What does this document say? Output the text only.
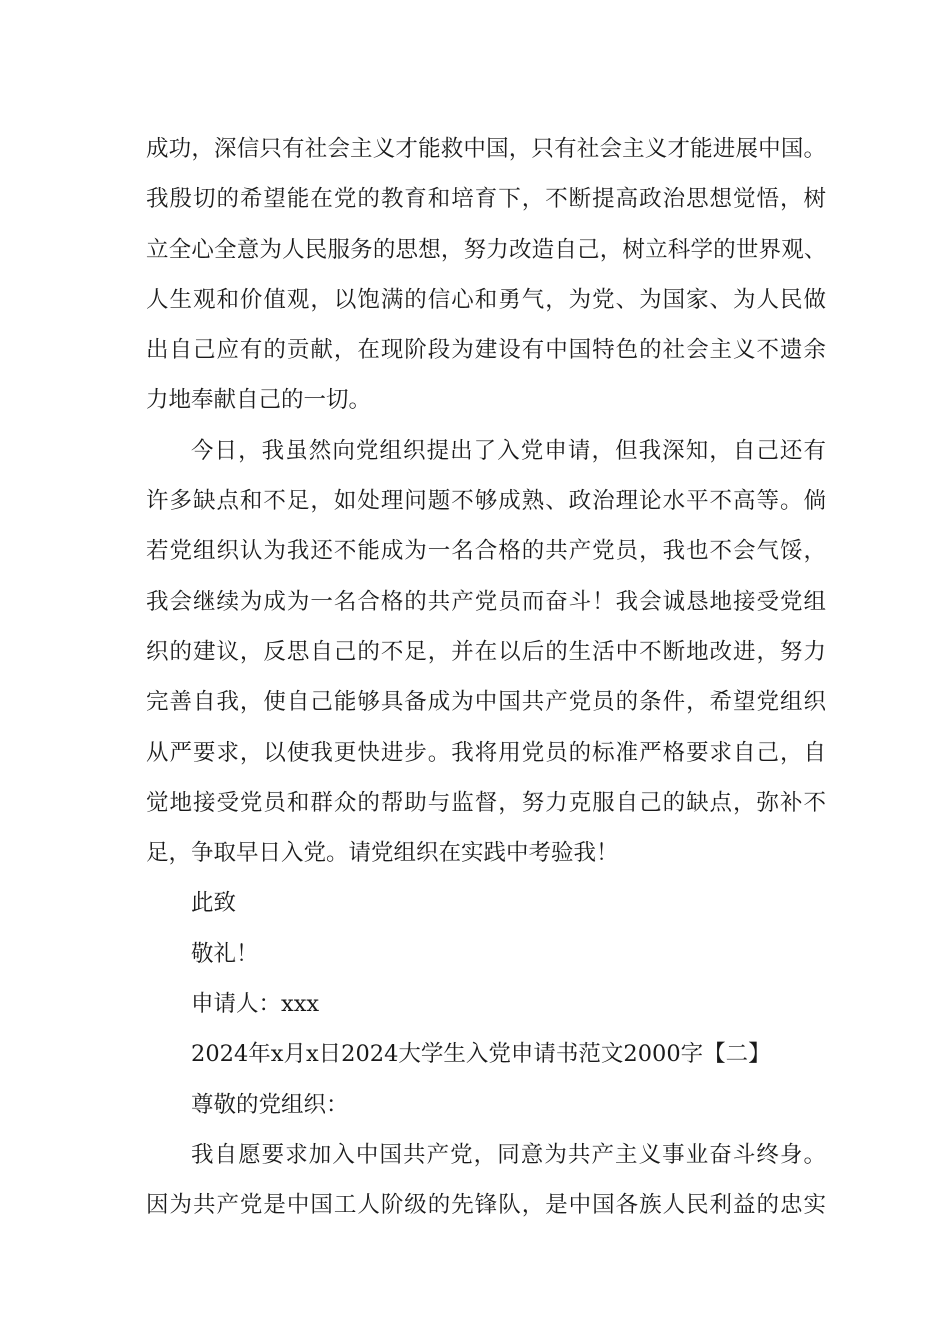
成功，深信只有社会主义才能救中国，只有社会主义才能进展中国。
我殷切的希望能在党的教育和培育下，不断提高政治思想觉悟，树
立全心全意为人民服务的思想，努力改造自己，树立科学的世界观、
人生观和价值观，以饱满的信心和勇气，为党、为国家、为人民做
出自己应有的贡献，在现阶段为建设有中国特色的社会主义不遗余
力地奉献自己的一切。
今日，我虽然向党组织提出了入党申请，但我深知，自己还有
许多缺点和不足，如处理问题不够成熟、政治理论水平不高等。倘
若党组织认为我还不能成为一名合格的共产党员，我也不会气馁，
我会继续为成为一名合格的共产党员而奋斗！我会诚恳地接受党组
织的建议，反思自己的不足，并在以后的生活中不断地改进，努力
完善自我，使自己能够具备成为中国共产党员的条件，希望党组织
从严要求，以使我更快进步。我将用党员的标准严格要求自己，自
觉地接受党员和群众的帮助与监督，努力克服自己的缺点，弥补不
足，争取早日入党。请党组织在实践中考验我！
此致
敬礼！
申请人：xxx
2024年x月x日2024大学生入党申请书范文2000字【二】
尊敬的党组织：
我自愿要求加入中国共产党，同意为共产主义事业奋斗终身。
因为共产党是中国工人阶级的先锋队，是中国各族人民利益的忠实
